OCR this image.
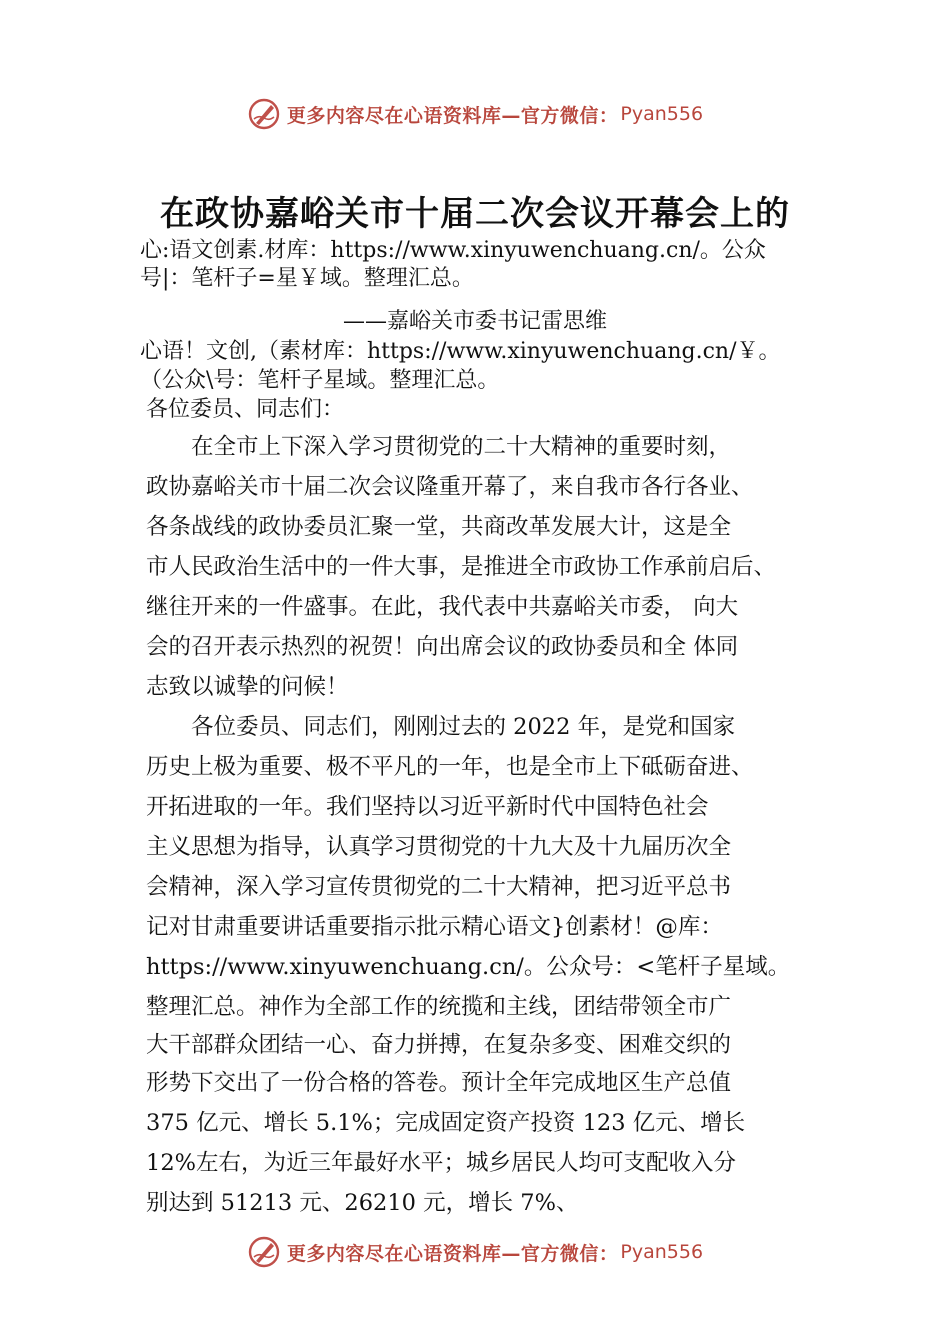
更多内容尽在心语资料库—官方微信： Pyan556
在政协嘉峪关市十届二次会议开幕会上的

心:语文创素.材库：https://www.xinyuwenchuang.cn/。公众

号|：笔杆子=星￥域。整理汇总。

——嘉峪关市委书记雷思维

心语！文创,（素材库：https://www.xinyuwenchuang.cn/￥。

（公众\号：笔杆子星域。整理汇总。

各位委员、同志们：

　　在全市上下深入学习贯彻党的二十大精神的重要时刻，

政协嘉峪关市十届二次会议隆重开幕了，来自我市各行各业、

各条战线的政协委员汇聚一堂，共商改革发展大计，这是全

市人民政治生活中的一件大事，是推进全市政协工作承前启后、

继往开来的一件盛事。在此，我代表中共嘉峪关市委， 向大

会的召开表示热烈的祝贺！向出席会议的政协委员和全 体同

志致以诚挚的问候！

　　各位委员、同志们，刚刚过去的 2022 年，是党和国家

历史上极为重要、极不平凡的一年，也是全市上下砥砺奋进、

开拓进取的一年。我们坚持以习近平新时代中国特色社会

主义思想为指导，认真学习贯彻党的十九大及十九届历次全

会精神，深入学习宣传贯彻党的二十大精神，把习近平总书

记对甘肃重要讲话重要指示批示精心语文}创素材！@库：

https://www.xinyuwenchuang.cn/。公众号：<笔杆子星域。

整理汇总。神作为全部工作的统揽和主线，团结带领全市广

大干部群众团结一心、奋力拼搏，在复杂多变、困难交织的

形势下交出了一份合格的答卷。预计全年完成地区生产总值

375 亿元、增长 5.1%；完成固定资产投资 123 亿元、增长

12%左右，为近三年最好水平；城乡居民人均可支配收入分

别达到 51213 元、26210 元，增长 7%、

更多内容尽在心语资料库—官方微信： Pyan556
